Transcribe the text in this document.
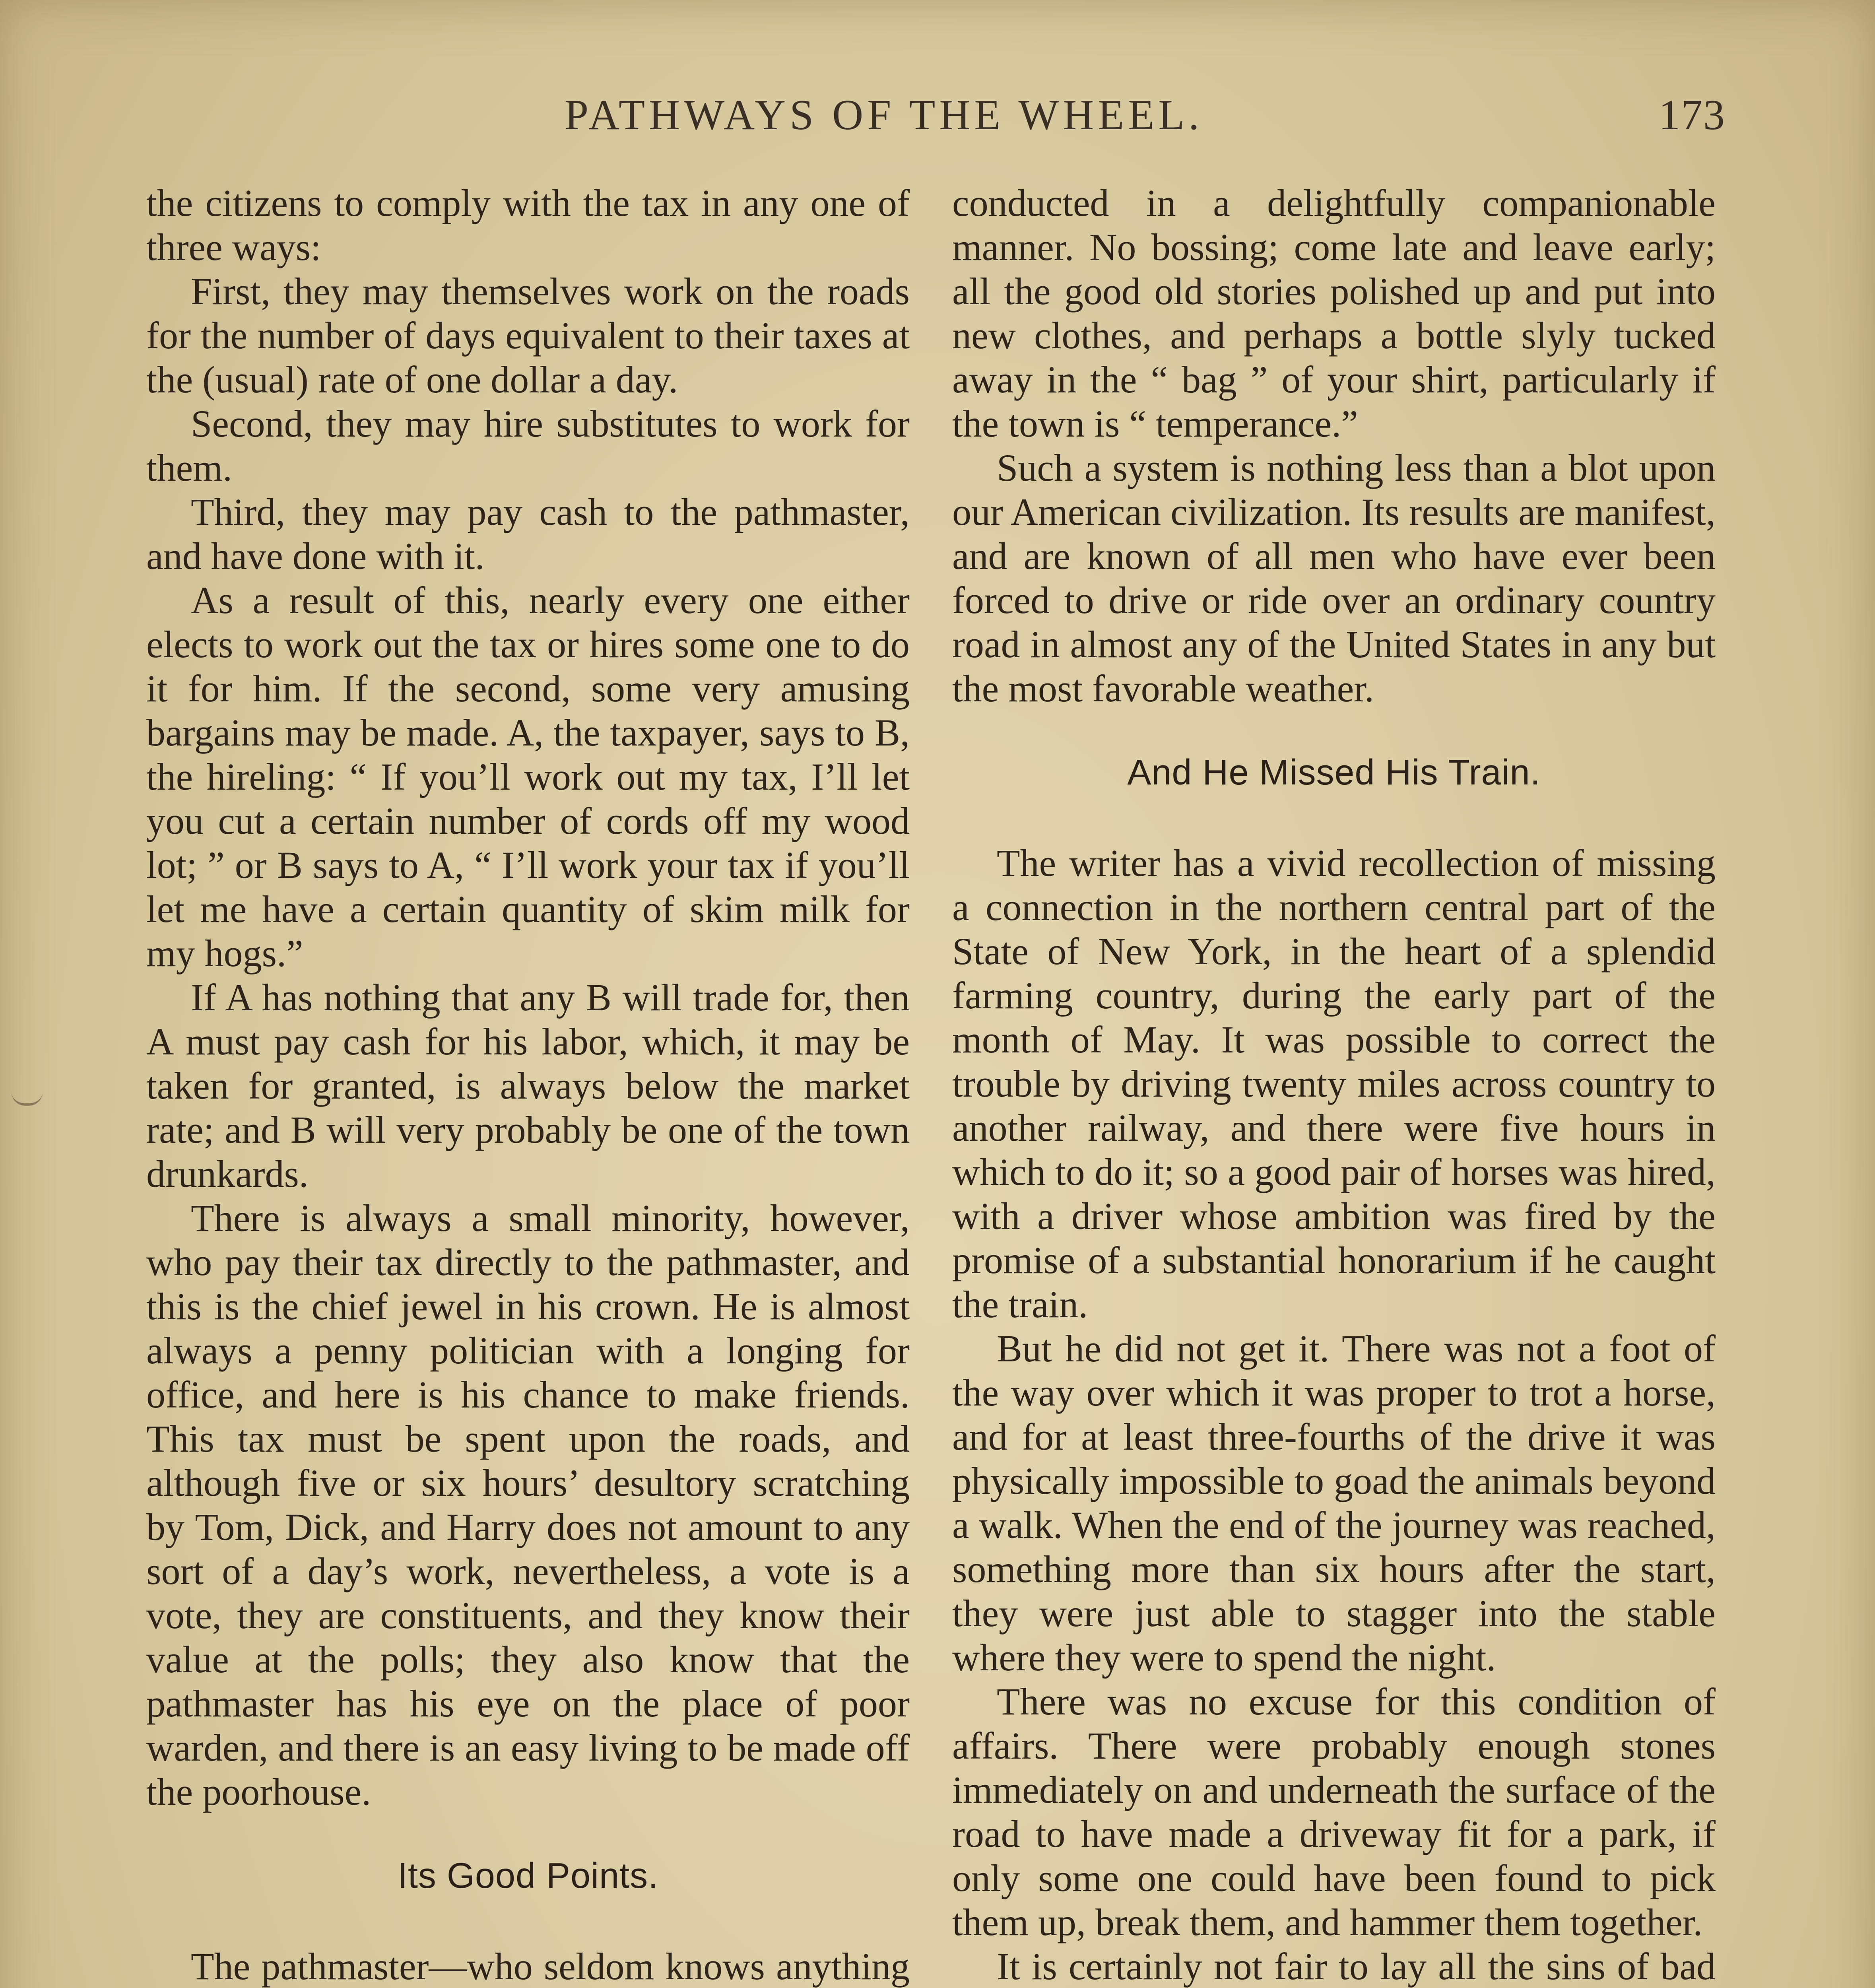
PATHWAYS OF THE WHEEL.	173

the citizens to comply with the tax in any one of three ways:

First, they may themselves work on the roads for the number of days equivalent to their taxes at the (usual) rate of one dollar a day.

Second, they may hire substitutes to work for them.

Third, they may pay cash to the pathmaster, and have done with it.

As a result of this, nearly every one either elects to work out the tax or hires some one to do it for him. If the second, some very amusing bargains may be made. A, the taxpayer, says to B, the hireling: “ If you’ll work out my tax, I’ll let you cut a certain number of cords off my wood lot; ” or B says to A, “ I’ll work your tax if you’ll let me have a certain quantity of skim milk for my hogs.”

If A has nothing that any B will trade for, then A must pay cash for his labor, which, it may be taken for granted, is always below the market rate; and B will very probably be one of the town drunkards.

There is always a small minority, however, who pay their tax directly to the pathmaster, and this is the chief jewel in his crown. He is almost always a penny politician with a longing for office, and here is his chance to make friends. This tax must be spent upon the roads, and although five or six hours’ desultory scratching by Tom, Dick, and Harry does not amount to any sort of a day’s work, nevertheless, a vote is a vote, they are constituents, and they know their value at the polls; they also know that the pathmaster has his eye on the place of poor warden, and there is an easy living to be made off the poorhouse.

Its Good Points.

The pathmaster—who seldom knows anything

conducted in a delightfully companionable manner. No bossing; come late and leave early; all the good old stories polished up and put into new clothes, and perhaps a bottle slyly tucked away in the “ bag ” of your shirt, particularly if the town is “ temperance.”

Such a system is nothing less than a blot upon our American civilization. Its results are manifest, and are known of all men who have ever been forced to drive or ride over an ordinary country road in almost any of the United States in any but the most favorable weather.

And He Missed His Train.

The writer has a vivid recollection of missing a connection in the northern central part of the State of New York, in the heart of a splendid farming country, during the early part of the month of May. It was possible to correct the trouble by driving twenty miles across country to another railway, and there were five hours in which to do it; so a good pair of horses was hired, with a driver whose ambition was fired by the promise of a substantial honorarium if he caught the train.

But he did not get it. There was not a foot of the way over which it was proper to trot a horse, and for at least three-fourths of the drive it was physically impossible to goad the animals beyond a walk. When the end of the journey was reached, something more than six hours after the start, they were just able to stagger into the stable where they were to spend the night.

There was no excuse for this condition of affairs. There were probably enough stones immediately on and underneath the surface of the road to have made a driveway fit for a park, if only some one could have been found to pick them up, break them, and hammer them together.

It is certainly not fair to lay all the sins of bad
